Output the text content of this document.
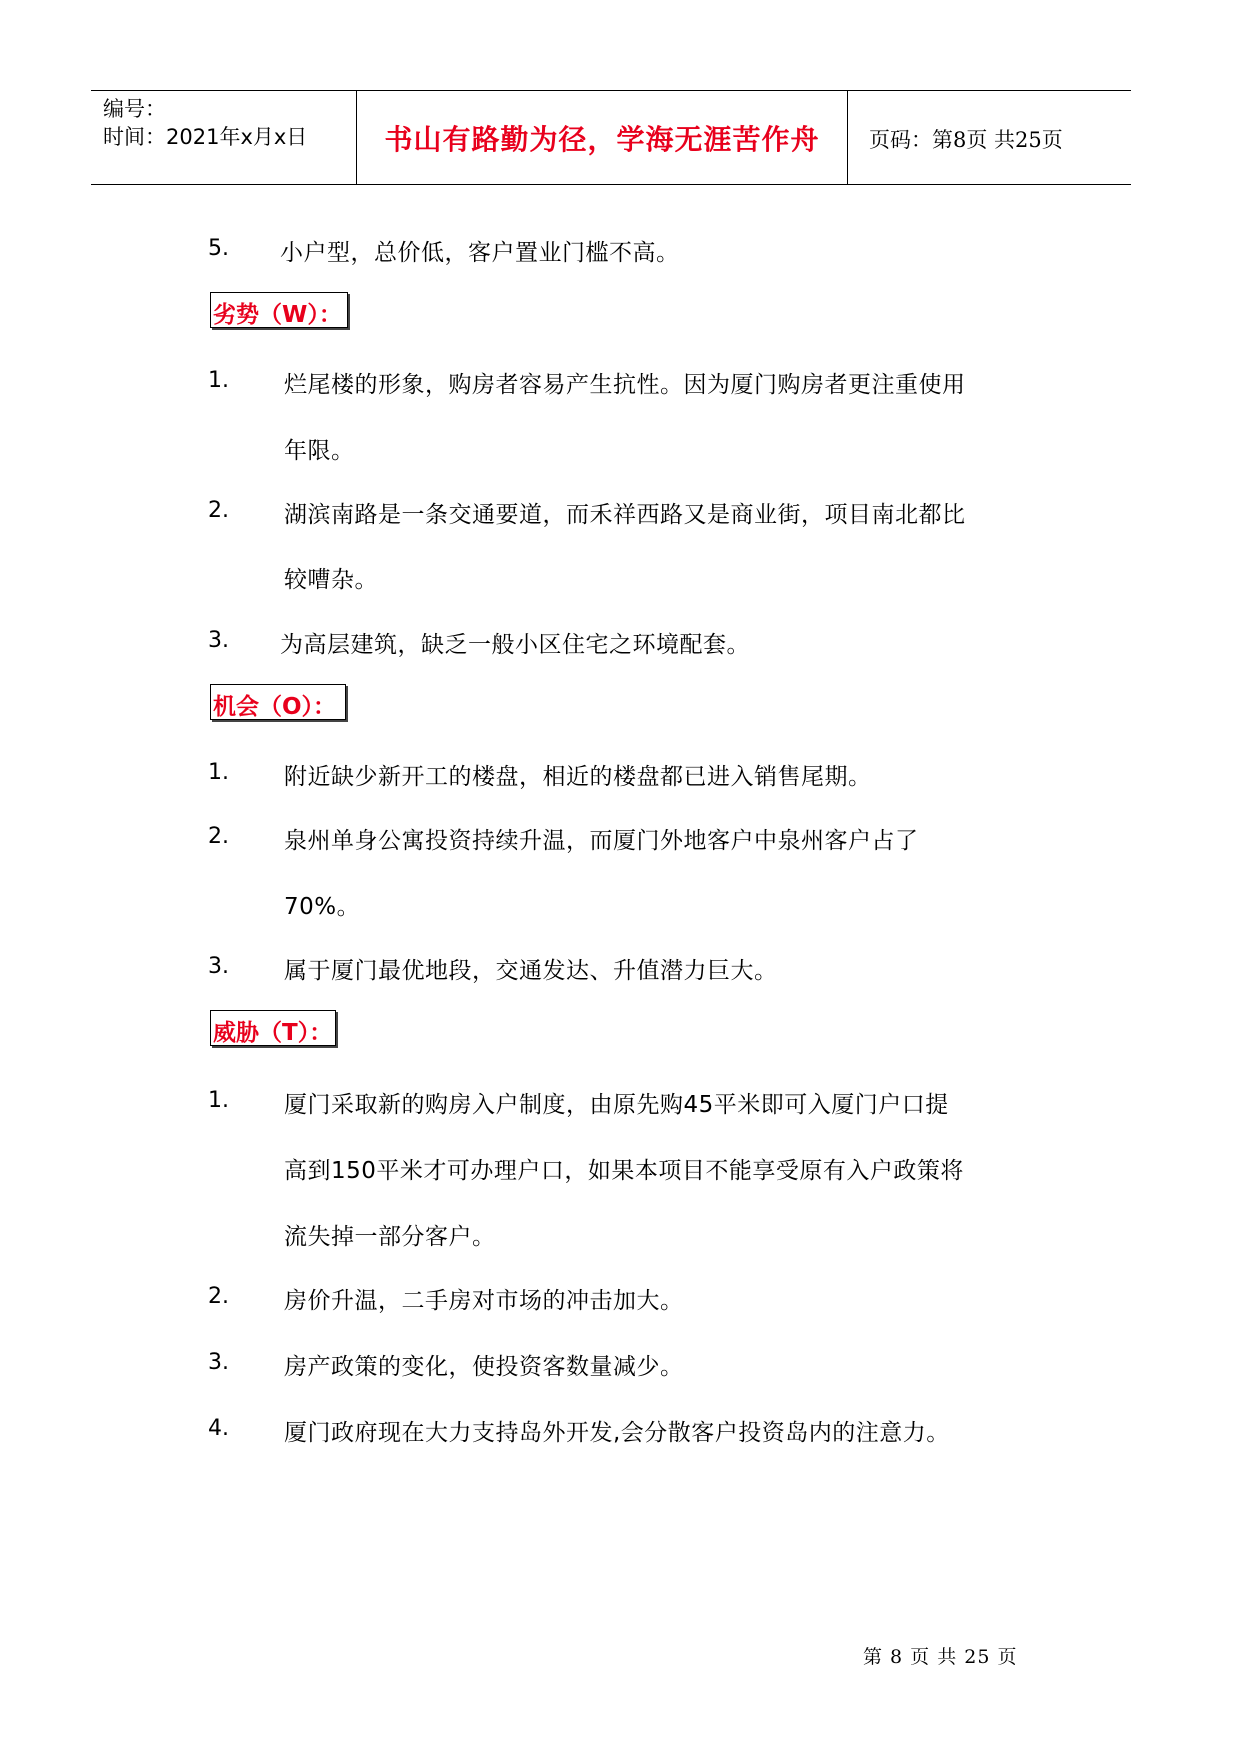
编号：
时间：2021年x月x日	书山有路勤为径，学海无涯苦作舟	页码：第8页 共25页
5. 小户型，总价低，客户置业门槛不高。
劣势（W）：
1. 烂尾楼的形象，购房者容易产生抗性。因为厦门购房者更注重使用
年限。
2. 湖滨南路是一条交通要道，而禾祥西路又是商业街，项目南北都比
较嘈杂。
3. 为高层建筑，缺乏一般小区住宅之环境配套。
机会（O）：
1. 附近缺少新开工的楼盘，相近的楼盘都已进入销售尾期。
2. 泉州单身公寓投资持续升温，而厦门外地客户中泉州客户占了
70%。
3. 属于厦门最优地段，交通发达、升值潜力巨大。
威胁（T）：
1. 厦门采取新的购房入户制度，由原先购45平米即可入厦门户口提
高到150平米才可办理户口，如果本项目不能享受原有入户政策将
流失掉一部分客户。
2. 房价升温，二手房对市场的冲击加大。
3. 房产政策的变化，使投资客数量减少。
4. 厦门政府现在大力支持岛外开发,会分散客户投资岛内的注意力。
第 8 页 共 25 页
